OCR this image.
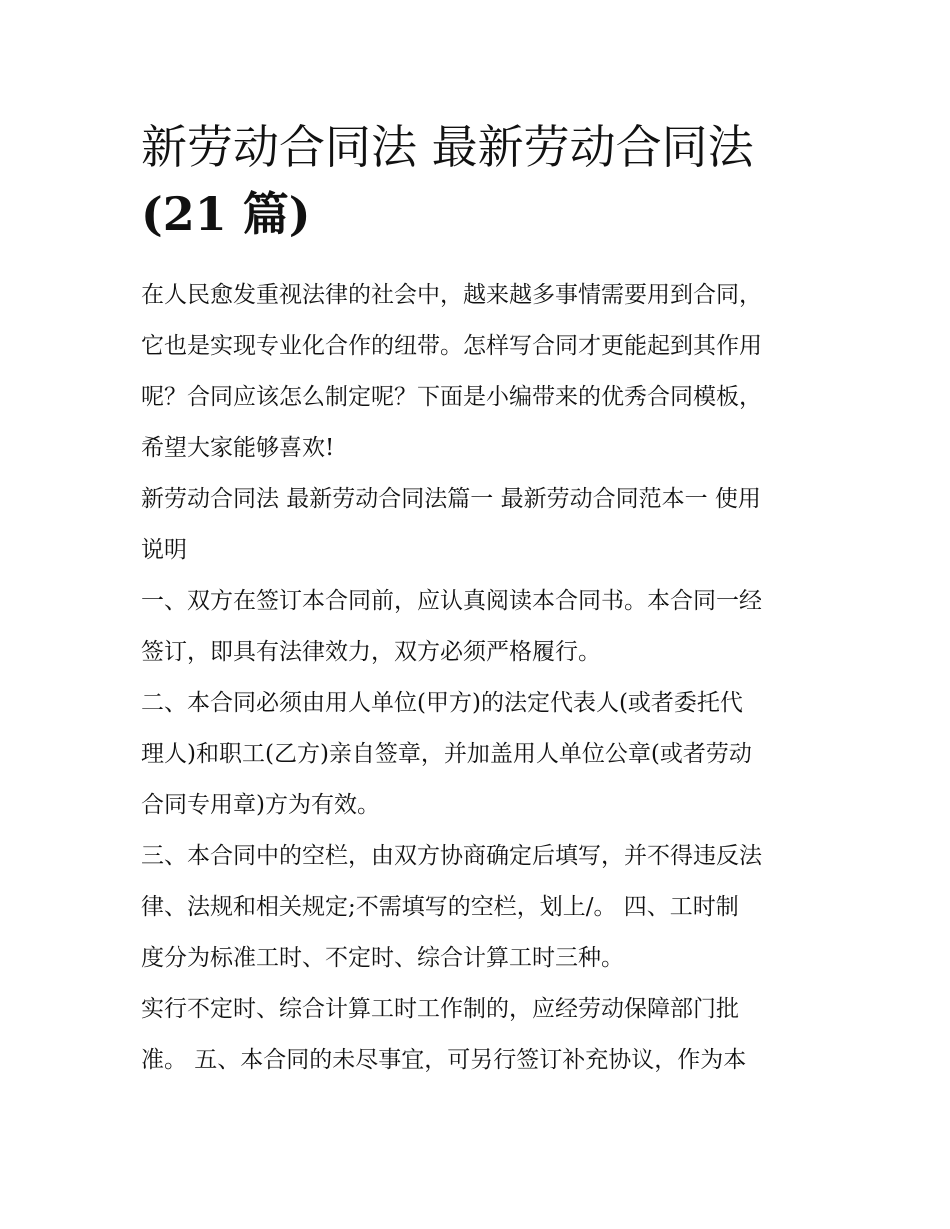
新劳动合同法 最新劳动合同法
(21 篇)

在人民愈发重视法律的社会中，越来越多事情需要用到合同，
它也是实现专业化合作的纽带。怎样写合同才更能起到其作用
呢？合同应该怎么制定呢？下面是小编带来的优秀合同模板，
希望大家能够喜欢!

新劳动合同法 最新劳动合同法篇一 最新劳动合同范本一 使用
说明

一、双方在签订本合同前，应认真阅读本合同书。本合同一经
签订，即具有法律效力，双方必须严格履行。

二、本合同必须由用人单位(甲方)的法定代表人(或者委托代
理人)和职工(乙方)亲自签章，并加盖用人单位公章(或者劳动
合同专用章)方为有效。

三、本合同中的空栏，由双方协商确定后填写，并不得违反法
律、法规和相关规定;不需填写的空栏，划上/。 四、工时制
度分为标准工时、不定时、综合计算工时三种。

实行不定时、综合计算工时工作制的，应经劳动保障部门批
准。 五、本合同的未尽事宜，可另行签订补充协议，作为本
